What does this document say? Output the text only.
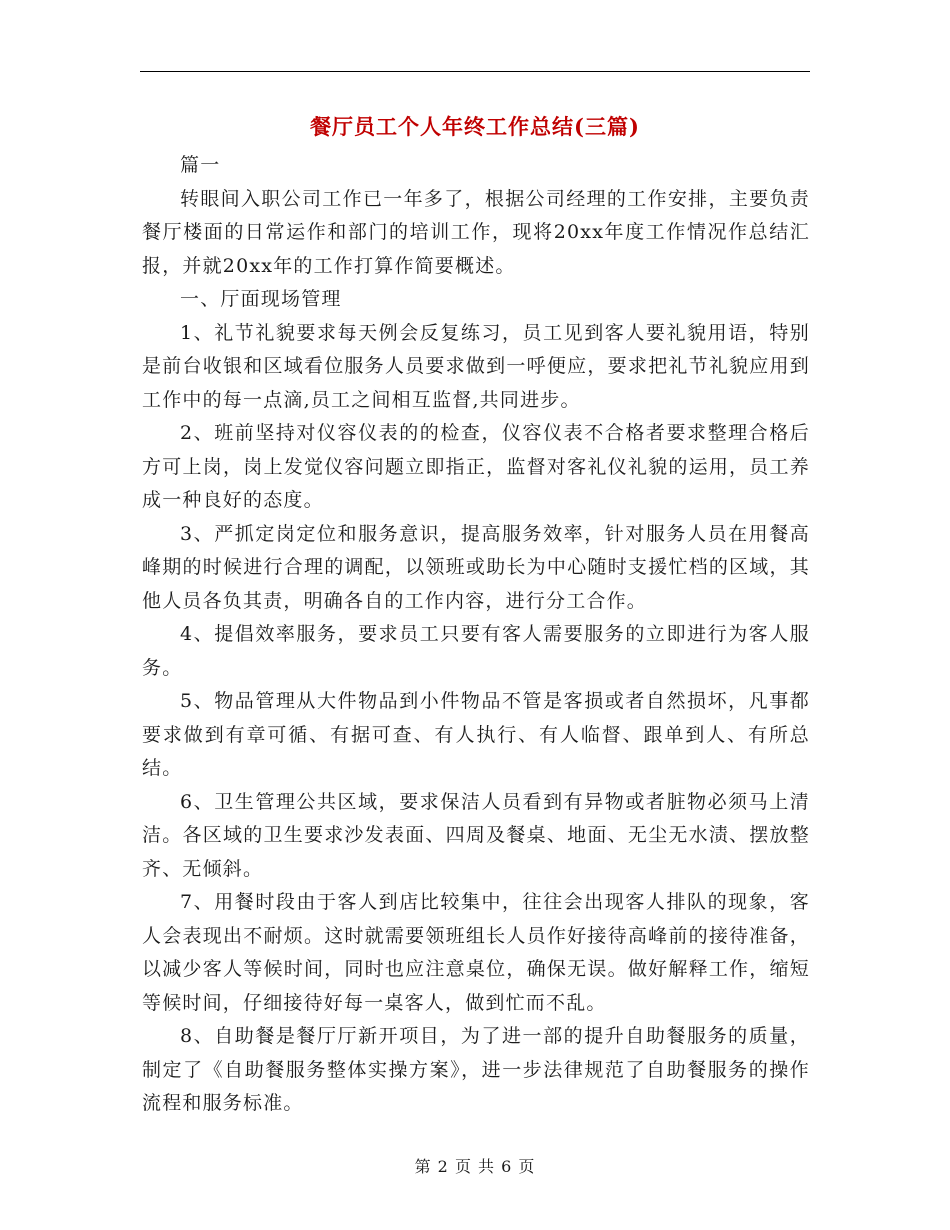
餐厅员工个人年终工作总结(三篇)

篇一

转眼间入职公司工作已一年多了，根据公司经理的工作安排，主要负责餐厅楼面的日常运作和部门的培训工作，现将20xx年度工作情况作总结汇报，并就20xx年的工作打算作简要概述。

一、厅面现场管理

1、礼节礼貌要求每天例会反复练习，员工见到客人要礼貌用语，特别是前台收银和区域看位服务人员要求做到一呼便应，要求把礼节礼貌应用到工作中的每一点滴,员工之间相互监督,共同进步。

2、班前坚持对仪容仪表的的检查，仪容仪表不合格者要求整理合格后方可上岗，岗上发觉仪容问题立即指正，监督对客礼仪礼貌的运用，员工养成一种良好的态度。

3、严抓定岗定位和服务意识，提高服务效率，针对服务人员在用餐高峰期的时候进行合理的调配，以领班或助长为中心随时支援忙档的区域，其他人员各负其责，明确各自的工作内容，进行分工合作。

4、提倡效率服务，要求员工只要有客人需要服务的立即进行为客人服务。

5、物品管理从大件物品到小件物品不管是客损或者自然损坏，凡事都要求做到有章可循、有据可查、有人执行、有人临督、跟单到人、有所总结。

6、卫生管理公共区域，要求保洁人员看到有异物或者脏物必须马上清洁。各区域的卫生要求沙发表面、四周及餐桌、地面、无尘无水渍、摆放整齐、无倾斜。

7、用餐时段由于客人到店比较集中，往往会出现客人排队的现象，客人会表现出不耐烦。这时就需要领班组长人员作好接待高峰前的接待准备，以减少客人等候时间，同时也应注意桌位，确保无误。做好解释工作，缩短等候时间，仔细接待好每一桌客人，做到忙而不乱。

8、自助餐是餐厅厅新开项目，为了进一部的提升自助餐服务的质量，制定了《自助餐服务整体实操方案》，进一步法律规范了自助餐服务的操作流程和服务标准。

第 2 页 共 6 页
